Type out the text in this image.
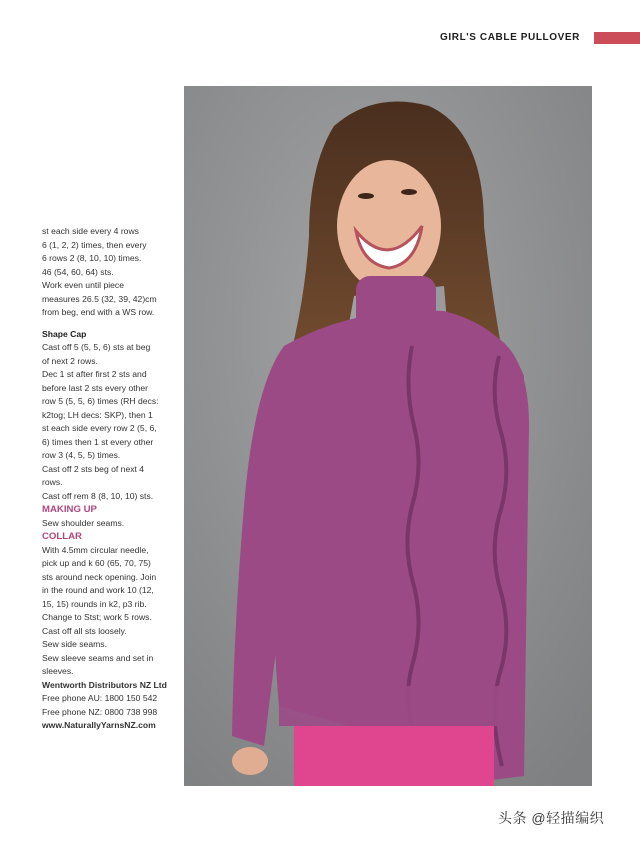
GIRL'S CABLE PULLOVER

st each side every 4 rows

6 (1, 2, 2) times, then every

6 rows 2 (8, 10, 10) times.

46 (54, 60, 64) sts.

Work even until piece

measures 26.5 (32, 39, 42)cm

from beg, end with a WS row.

Shape Cap

Cast off 5 (5, 5, 6) sts at beg

of next 2 rows.

Dec 1 st after first 2 sts and

before last 2 sts every other

row 5 (5, 5, 6) times (RH decs:

k2tog; LH decs: SKP), then 1

st each side every row 2 (5, 6,

6) times then 1 st every other

row 3 (4, 5, 5) times.

Cast off 2 sts beg of next 4

rows.

Cast off rem 8 (8, 10, 10) sts.

MAKING UP

Sew shoulder seams.

COLLAR

With 4.5mm circular needle,

pick up and k 60 (65, 70, 75)

sts around neck opening. Join

in the round and work 10 (12,

15, 15) rounds in k2, p3 rib.

Change to Stst; work 5 rows.

Cast off all sts loosely.

Sew side seams.

Sew sleeve seams and set in

sleeves.

Wentworth Distributors NZ Ltd

Free phone AU: 1800 150 542

Free phone NZ: 0800 738 998

www.NaturallyYarnsNZ.com

头条 @轻描编织
